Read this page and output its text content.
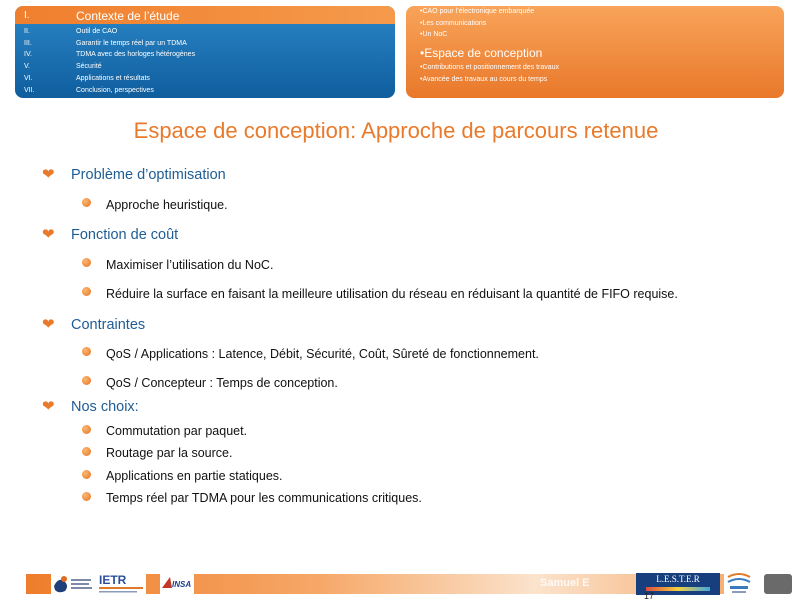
I.	Contexte de l’étude
II.	Outil de CAO
III.	Garantir le temps réel par un TDMA
IV.	TDMA avec des horloges hétérogènes
V.	Sécurité
VI.	Applications et résultats
VII.	Conclusion, perspectives
•CAO pour l’électronique embarquée
•Les communications
•Un NoC
•Espace de conception
•Contributions et positionnement des travaux
•Avancée des travaux au cours du temps
Espace de conception: Approche de parcours retenue
❤ Problème d’optimisation
Approche heuristique.
❤ Fonction de coût
Maximiser l’utilisation du NoC.
Réduire la surface en faisant la meilleure utilisation du réseau en réduisant la quantité de FIFO requise.
❤ Contraintes
QoS / Applications : Latence, Débit, Sécurité, Coût, Sûreté de fonctionnement.
QoS / Concepteur : Temps de conception.
❤ Nos choix:
Commutation par paquet.
Routage par la source.
Applications en partie statiques.
Temps réel par TDMA pour les communications critiques.
IETR	INSA	Samuel E	L.E.S.T.E.R
17
